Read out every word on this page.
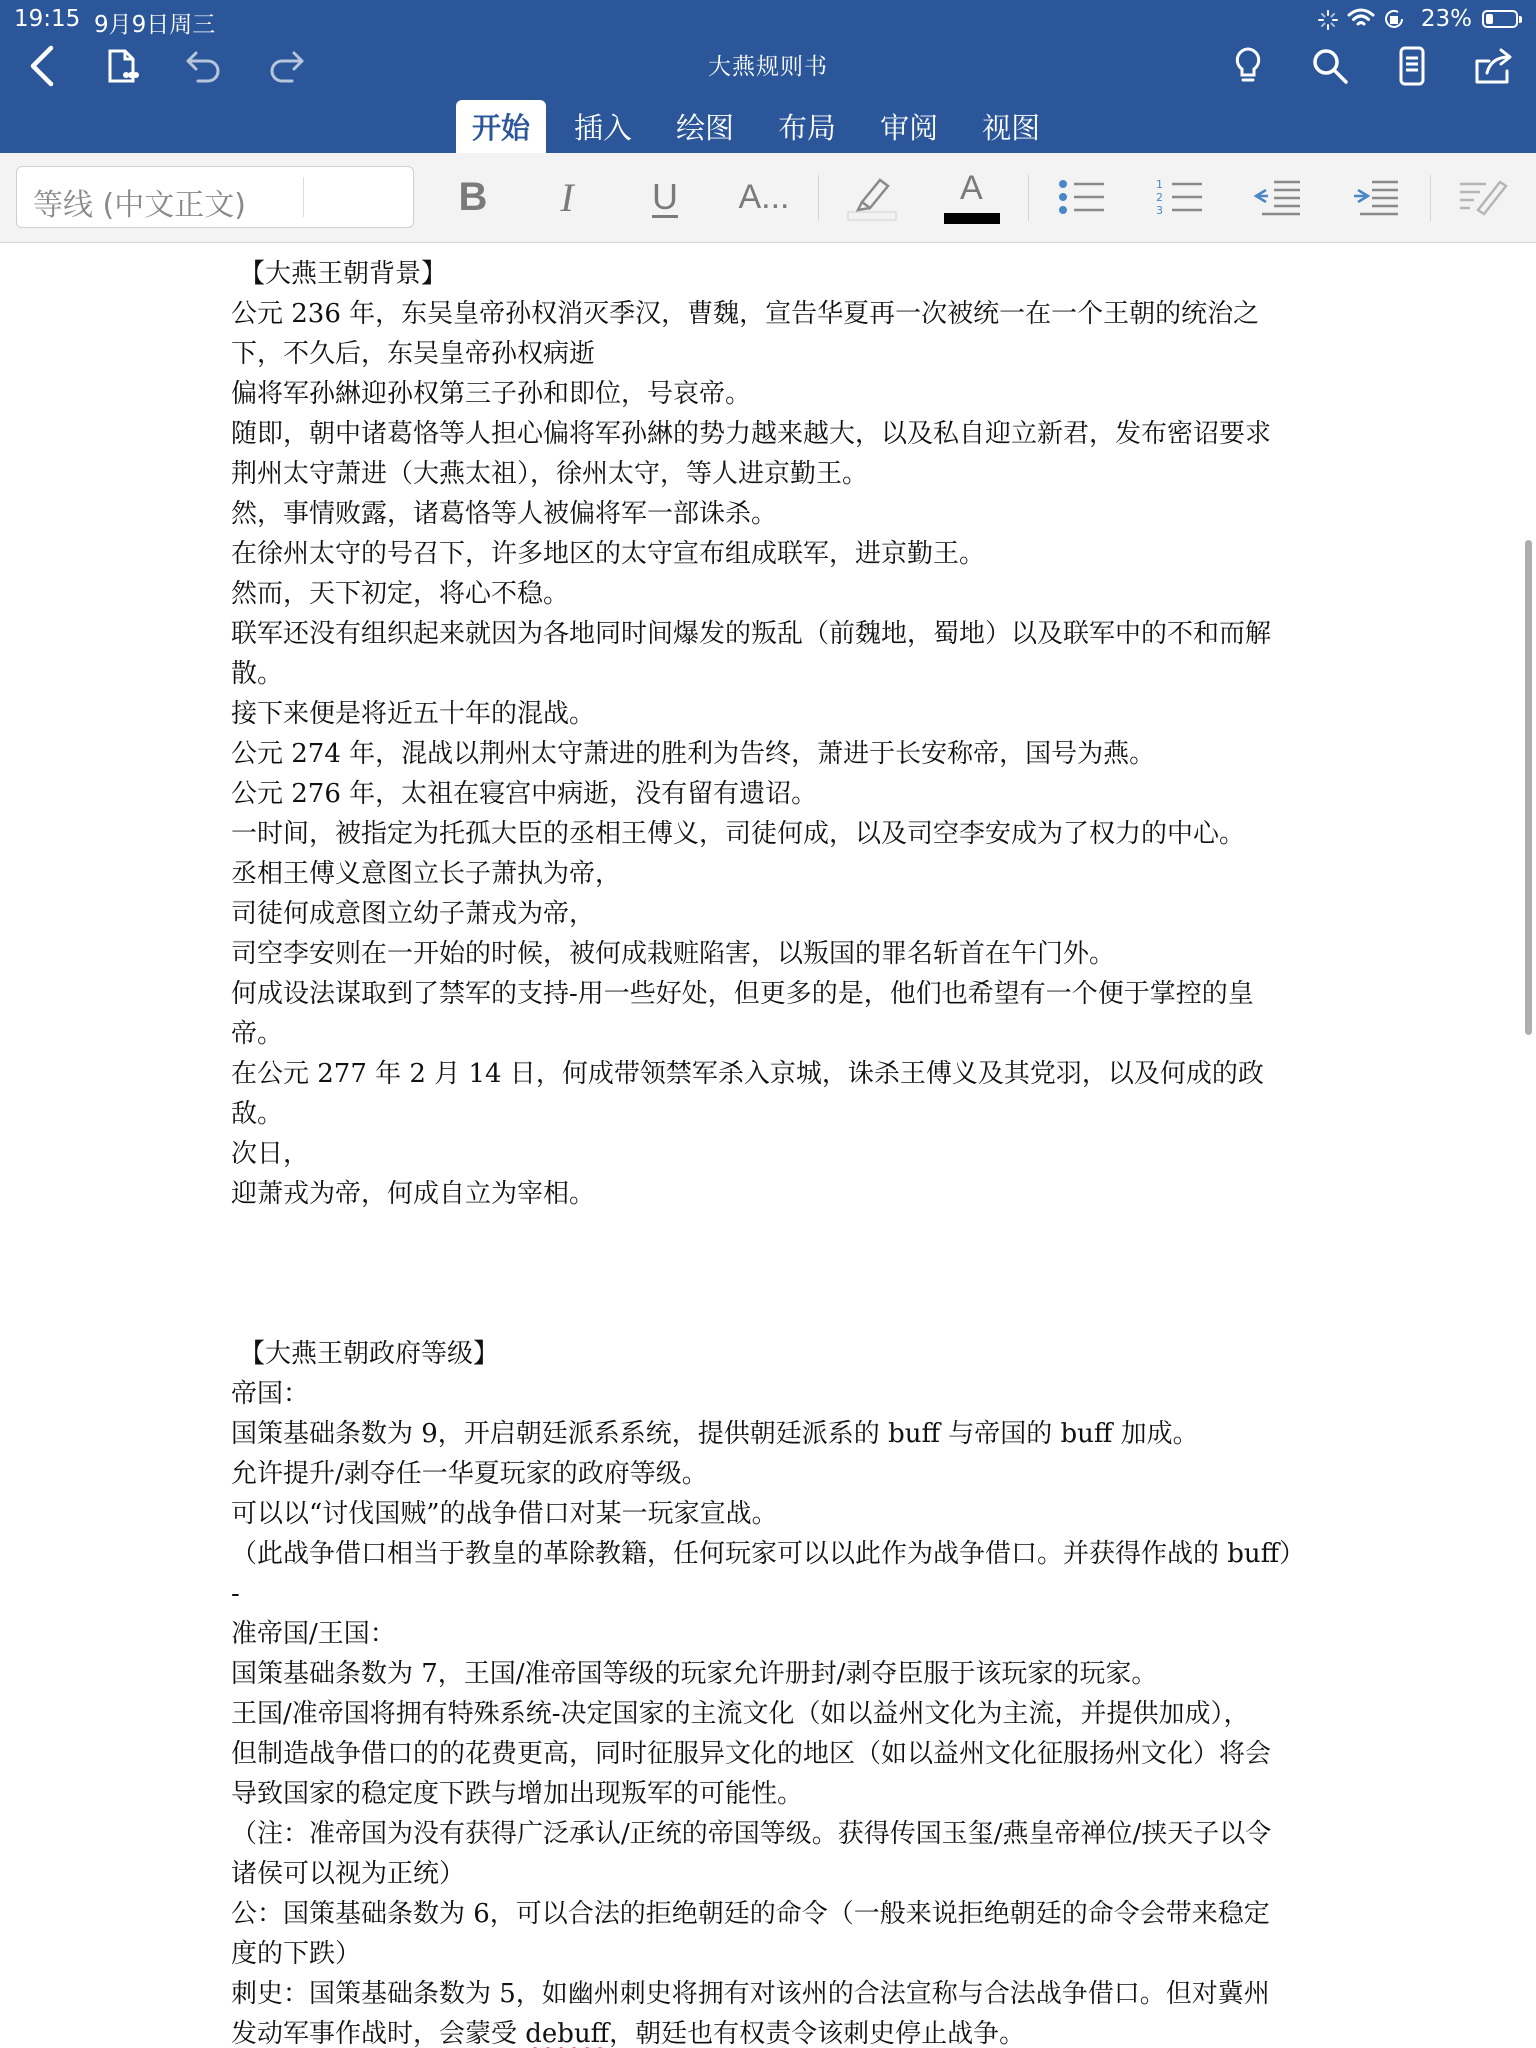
19:15 9月9日周三	23%
大燕规则书
开始	插入	绘图	布局	审阅	视图
等线 (中文正文)	B I U A...	A	1
2
3

【大燕王朝背景】

公元 236 年，东吴皇帝孙权消灭季汉，曹魏，宣告华夏再一次被统一在一个王朝的统治之

下，不久后，东吴皇帝孙权病逝

偏将军孙綝迎孙权第三子孙和即位，号哀帝。

随即，朝中诸葛恪等人担心偏将军孙綝的势力越来越大，以及私自迎立新君，发布密诏要求

荆州太守萧进（大燕太祖），徐州太守，等人进京勤王。

然，事情败露，诸葛恪等人被偏将军一部诛杀。

在徐州太守的号召下，许多地区的太守宣布组成联军，进京勤王。

然而，天下初定，将心不稳。

联军还没有组织起来就因为各地同时间爆发的叛乱（前魏地，蜀地）以及联军中的不和而解

散。

接下来便是将近五十年的混战。

公元 274 年，混战以荆州太守萧进的胜利为告终，萧进于长安称帝，国号为燕。

公元 276 年，太祖在寝宫中病逝，没有留有遗诏。

一时间，被指定为托孤大臣的丞相王傅义，司徒何成，以及司空李安成为了权力的中心。

丞相王傅义意图立长子萧执为帝，

司徒何成意图立幼子萧戎为帝，

司空李安则在一开始的时候，被何成栽赃陷害，以叛国的罪名斩首在午门外。

何成设法谋取到了禁军的支持-用一些好处，但更多的是，他们也希望有一个便于掌控的皇

帝。

在公元 277 年 2 月 14 日，何成带领禁军杀入京城，诛杀王傅义及其党羽，以及何成的政敌。

次日，

迎萧戎为帝，何成自立为宰相。

【大燕王朝政府等级】

帝国：

国策基础条数为 9，开启朝廷派系系统，提供朝廷派系的 buff 与帝国的 buff 加成。

允许提升/剥夺任一华夏玩家的政府等级。

可以以“讨伐国贼”的战争借口对某一玩家宣战。

（此战争借口相当于教皇的革除教籍，任何玩家可以以此作为战争借口。并获得作战的 buff）

-

准帝国/王国：

国策基础条数为 7，王国/准帝国等级的玩家允许册封/剥夺臣服于该玩家的玩家。

王国/准帝国将拥有特殊系统-决定国家的主流文化（如以益州文化为主流，并提供加成），

但制造战争借口的的花费更高，同时征服异文化的地区（如以益州文化征服扬州文化）将会

导致国家的稳定度下跌与增加出现叛军的可能性。

（注：准帝国为没有获得广泛承认/正统的帝国等级。获得传国玉玺/燕皇帝禅位/挟天子以令

诸侯可以视为正统）

公：国策基础条数为 6，可以合法的拒绝朝廷的命令（一般来说拒绝朝廷的命令会带来稳定

度的下跌）

刺史：国策基础条数为 5，如幽州刺史将拥有对该州的合法宣称与合法战争借口。但对冀州

发动军事作战时，会蒙受 debuff，朝廷也有权责令该刺史停止战争。
